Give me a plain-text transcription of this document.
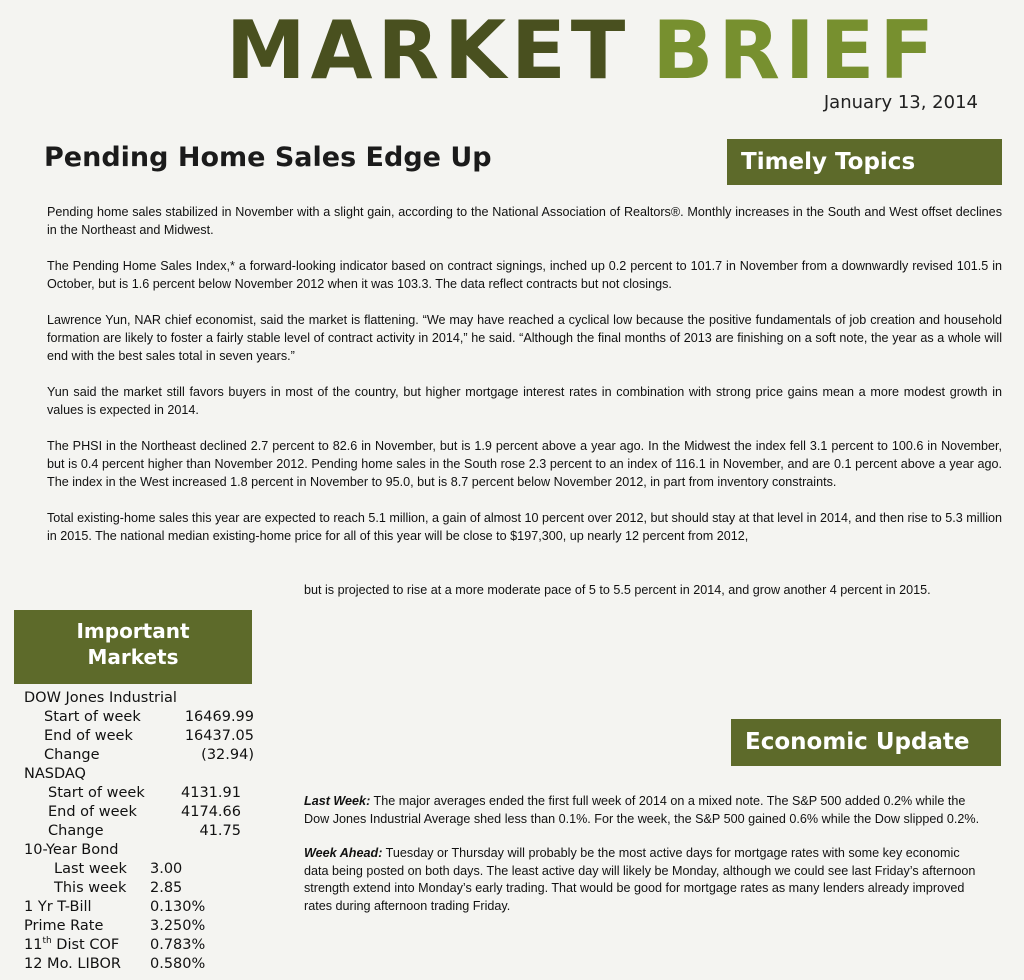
MARKET BRIEF
January 13, 2014
Pending Home Sales Edge Up	Timely Topics

Pending home sales stabilized in November with a slight gain, according to the National Association of Realtors®. Monthly increases in the South and West offset declines in the Northeast and Midwest.

The Pending Home Sales Index,* a forward-looking indicator based on contract signings, inched up 0.2 percent to 101.7 in November from a downwardly revised 101.5 in October, but is 1.6 percent below November 2012 when it was 103.3. The data reflect contracts but not closings.

Lawrence Yun, NAR chief economist, said the market is flattening. “We may have reached a cyclical low because the positive fundamentals of job creation and household formation are likely to foster a fairly stable level of contract activity in 2014,” he said. “Although the final months of 2013 are finishing on a soft note, the year as a whole will end with the best sales total in seven years.”

Yun said the market still favors buyers in most of the country, but higher mortgage interest rates in combination with strong price gains mean a more modest growth in values is expected in 2014.

The PHSI in the Northeast declined 2.7 percent to 82.6 in November, but is 1.9 percent above a year ago. In the Midwest the index fell 3.1 percent to 100.6 in November, but is 0.4 percent higher than November 2012. Pending home sales in the South rose 2.3 percent to an index of 116.1 in November, and are 0.1 percent above a year ago. The index in the West increased 1.8 percent in November to 95.0, but is 8.7 percent below November 2012, in part from inventory constraints.

Total existing-home sales this year are expected to reach 5.1 million, a gain of almost 10 percent over 2012, but should stay at that level in 2014, and then rise to 5.3 million in 2015. The national median existing-home price for all of this year will be close to $197,300, up nearly 12 percent from 2012,

but is projected to rise at a more moderate pace of 5 to 5.5 percent in 2014, and grow another 4 percent in 2015.
Important
Markets
DOW Jones Industrial
Start of week	16469.99
End of week	16437.05
Change	(32.94)
NASDAQ
Start of week	4131.91
End of week	4174.66
Change	41.75
10-Year Bond
Last week	3.00
This week	2.85
1 Yr T-Bill	0.130%
Prime Rate	3.250%
11th Dist COF	0.783%
12 Mo. LIBOR	0.580%
Economic Update

Last Week: The major averages ended the first full week of 2014 on a mixed note. The S&P 500 added 0.2% while the Dow Jones Industrial Average shed less than 0.1%. For the week, the S&P 500 gained 0.6% while the Dow slipped 0.2%.

Week Ahead: Tuesday or Thursday will probably be the most active days for mortgage rates with some key economic data being posted on both days. The least active day will likely be Monday, although we could see last Friday’s afternoon strength extend into Monday’s early trading. That would be good for mortgage rates as many lenders already improved rates during afternoon trading Friday.
